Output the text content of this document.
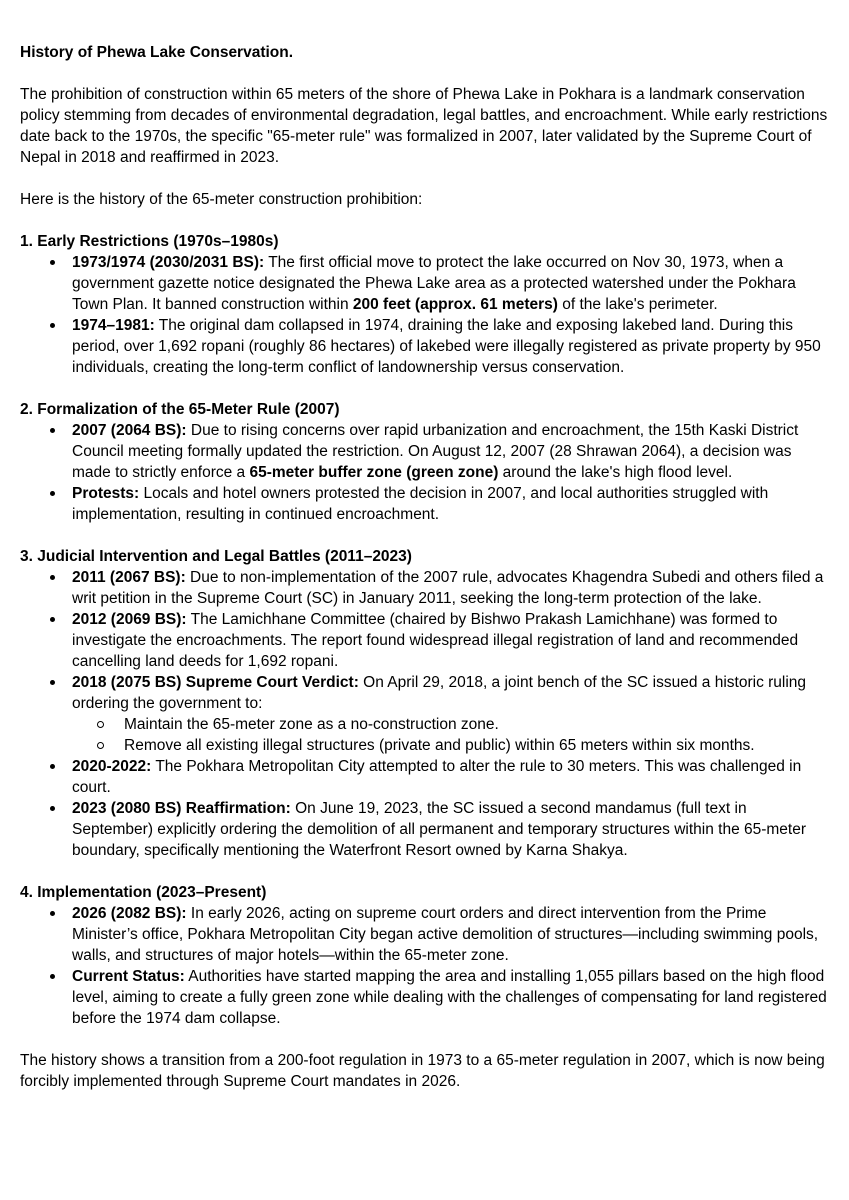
History of Phewa Lake Conservation.

The prohibition of construction within 65 meters of the shore of Phewa Lake in Pokhara is a landmark conservation policy stemming from decades of environmental degradation, legal battles, and encroachment. While early restrictions date back to the 1970s, the specific "65-meter rule" was formalized in 2007, later validated by the Supreme Court of Nepal in 2018 and reaffirmed in 2023.

Here is the history of the 65-meter construction prohibition:

1. Early Restrictions (1970s–1980s)

1973/1974 (2030/2031 BS): The first official move to protect the lake occurred on Nov 30, 1973, when a government gazette notice designated the Phewa Lake area as a protected watershed under the Pokhara Town Plan. It banned construction within 200 feet (approx. 61 meters) of the lake's perimeter.
1974–1981: The original dam collapsed in 1974, draining the lake and exposing lakebed land. During this period, over 1,692 ropani (roughly 86 hectares) of lakebed were illegally registered as private property by 950 individuals, creating the long-term conflict of landownership versus conservation.

2. Formalization of the 65-Meter Rule (2007)

2007 (2064 BS): Due to rising concerns over rapid urbanization and encroachment, the 15th Kaski District Council meeting formally updated the restriction. On August 12, 2007 (28 Shrawan 2064), a decision was made to strictly enforce a 65-meter buffer zone (green zone) around the lake's high flood level.
Protests: Locals and hotel owners protested the decision in 2007, and local authorities struggled with implementation, resulting in continued encroachment.

3. Judicial Intervention and Legal Battles (2011–2023)

2011 (2067 BS): Due to non-implementation of the 2007 rule, advocates Khagendra Subedi and others filed a writ petition in the Supreme Court (SC) in January 2011, seeking the long-term protection of the lake.
2012 (2069 BS): The Lamichhane Committee (chaired by Bishwo Prakash Lamichhane) was formed to investigate the encroachments. The report found widespread illegal registration of land and recommended cancelling land deeds for 1,692 ropani.
2018 (2075 BS) Supreme Court Verdict: On April 29, 2018, a joint bench of the SC issued a historic ruling ordering the government to:
Maintain the 65-meter zone as a no-construction zone.
Remove all existing illegal structures (private and public) within 65 meters within six months.
2020-2022: The Pokhara Metropolitan City attempted to alter the rule to 30 meters. This was challenged in court.
2023 (2080 BS) Reaffirmation: On June 19, 2023, the SC issued a second mandamus (full text in September) explicitly ordering the demolition of all permanent and temporary structures within the 65-meter boundary, specifically mentioning the Waterfront Resort owned by Karna Shakya.

4. Implementation (2023–Present)

2026 (2082 BS): In early 2026, acting on supreme court orders and direct intervention from the Prime Minister’s office, Pokhara Metropolitan City began active demolition of structures—including swimming pools, walls, and structures of major hotels—within the 65-meter zone.
Current Status: Authorities have started mapping the area and installing 1,055 pillars based on the high flood level, aiming to create a fully green zone while dealing with the challenges of compensating for land registered before the 1974 dam collapse.

The history shows a transition from a 200-foot regulation in 1973 to a 65-meter regulation in 2007, which is now being forcibly implemented through Supreme Court mandates in 2026.
